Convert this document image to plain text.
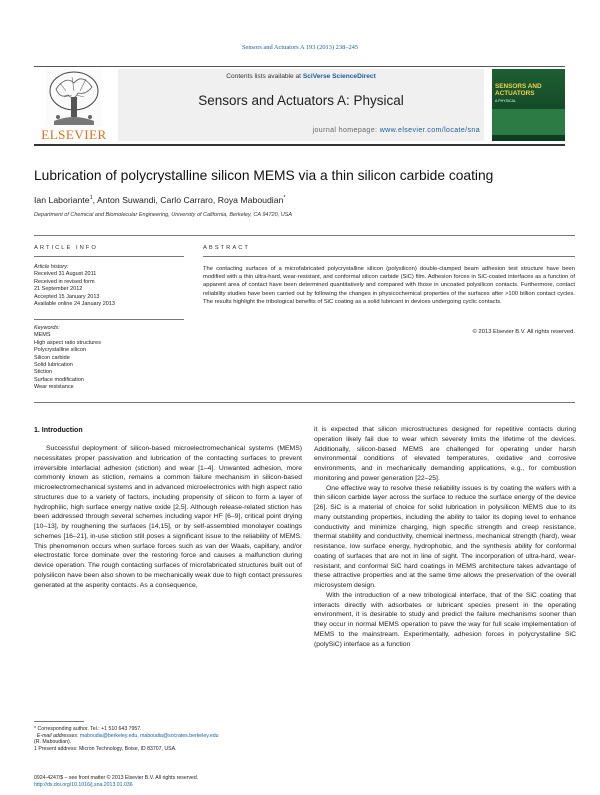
Sensors and Actuators A 193 (2013) 238–245
ELSEVIER
Contents lists available at SciVerse ScienceDirect
Sensors and Actuators A: Physical
journal homepage: www.elsevier.com/locate/sna
SENSORS AND ACTUATORS
A PHYSICAL
Lubrication of polycrystalline silicon MEMS via a thin silicon carbide coating
Ian Laboriante$^1$, Anton Suwandi, Carlo Carraro, Roya Maboudian*
Department of Chemical and Biomolecular Engineering, University of California, Berkeley, CA 94720, USA
ARTICLE INFO	ABSTRACT
Article history:
Received 31 August 2011
Received in revised form
21 September 2012
Accepted 15 January 2013
Available online 24 January 2013
Keywords:
MEMS
High aspect ratio structures
Polycrystalline silicon
Silicon carbide
Solid lubrication
Stiction
Surface modification
Wear resistance
The contacting surfaces of a microfabricated polycrystalline silicon (polysilicon) double-clamped beam adhesion test structure have been modified with a thin ultra-hard, wear-resistant, and conformal silicon carbide (SiC) film. Adhesion forces in SiC-coated interfaces as a function of apparent area of contact have been determined quantitatively and compared with those in uncoated polysilicon contacts. Furthermore, contact reliability studies have been carried out by following the changes in physicochemical properties of the surfaces after >100 billion contact cycles. The results highlight the tribological benefits of SiC coating as a solid lubricant in devices undergoing cyclic contacts.
© 2013 Elsevier B.V. All rights reserved.
1. Introduction

Successful deployment of silicon-based microelectromechanical systems (MEMS) necessitates proper passivation and lubrication of the contacting surfaces to prevent irreversible interfacial adhesion (stiction) and wear [1–4]. Unwanted adhesion, more commonly known as stiction, remains a common failure mechanism in silicon-based microelectromechanical systems and in advanced microelectronics with high aspect ratio structures due to a variety of factors, including propensity of silicon to form a layer of hydrophilic, high surface energy native oxide [2,5]. Although release-related stiction has been addressed through several schemes including vapor HF [6–9], critical point drying [10–13], by roughening the surfaces [14,15], or by self-assembled monolayer coatings schemes [16–21], in-use stiction still poses a significant issue to the reliability of MEMS. This phenomenon occurs when surface forces such as van der Waals, capillary, and/or electrostatic force dominate over the restoring force and causes a malfunction during device operation. The rough contacting surfaces of microfabricated structures built out of polysilicon have been also shown to be mechanically weak due to high contact pressures generated at the asperity contacts. As a consequence,

it is expected that silicon microstructures designed for repetitive contacts during operation likely fail due to wear which severely limits the lifetime of the devices. Additionally, silicon-based MEMS are challenged for operating under harsh environmental conditions of elevated temperatures, oxidative and corrosive environments, and in mechanically demanding applications, e.g., for combustion monitoring and power generation [22–25].

One effective way to resolve these reliability issues is by coating the wafers with a thin silicon carbide layer across the surface to reduce the surface energy of the device [26]. SiC is a material of choice for solid lubrication in polysilicon MEMS due to its many outstanding properties, including the ability to tailor its doping level to enhance conductivity and minimize charging, high specific strength and creep resistance, thermal stability and conductivity, chemical inertness, mechanical strength (hard), wear resistance, low surface energy, hydrophobic, and the synthesis ability for conformal coating of surfaces that are not in line of sight. The incorporation of ultra-hard, wear-resistant, and conformal SiC hard coatings in MEMS architecture takes advantage of these attractive properties and at the same time allows the preservation of the overall microsystem design.

With the introduction of a new tribological interface, that of the SiC coating that interacts directly with adsorbates or lubricant species present in the operating environment, it is desirable to study and predict the failure mechanisms sooner than they occur in normal MEMS operation to pave the way for full scale implementation of MEMS to the mainstream. Experimentally, adhesion forces in polycrystalline SiC (polySiC) interface as a function

* Corresponding author. Tel.: +1 510 643 7957.
E-mail addresses: maboudia@berkeley.edu, maboudia@socrates.berkeley.edu
(R. Maboudian).
1 Present address: Micron Technology, Boise, ID 83707, USA.
0924-4247/$ – see front matter © 2013 Elsevier B.V. All rights reserved.
http://dx.doi.org/10.1016/j.sna.2013.01.036
